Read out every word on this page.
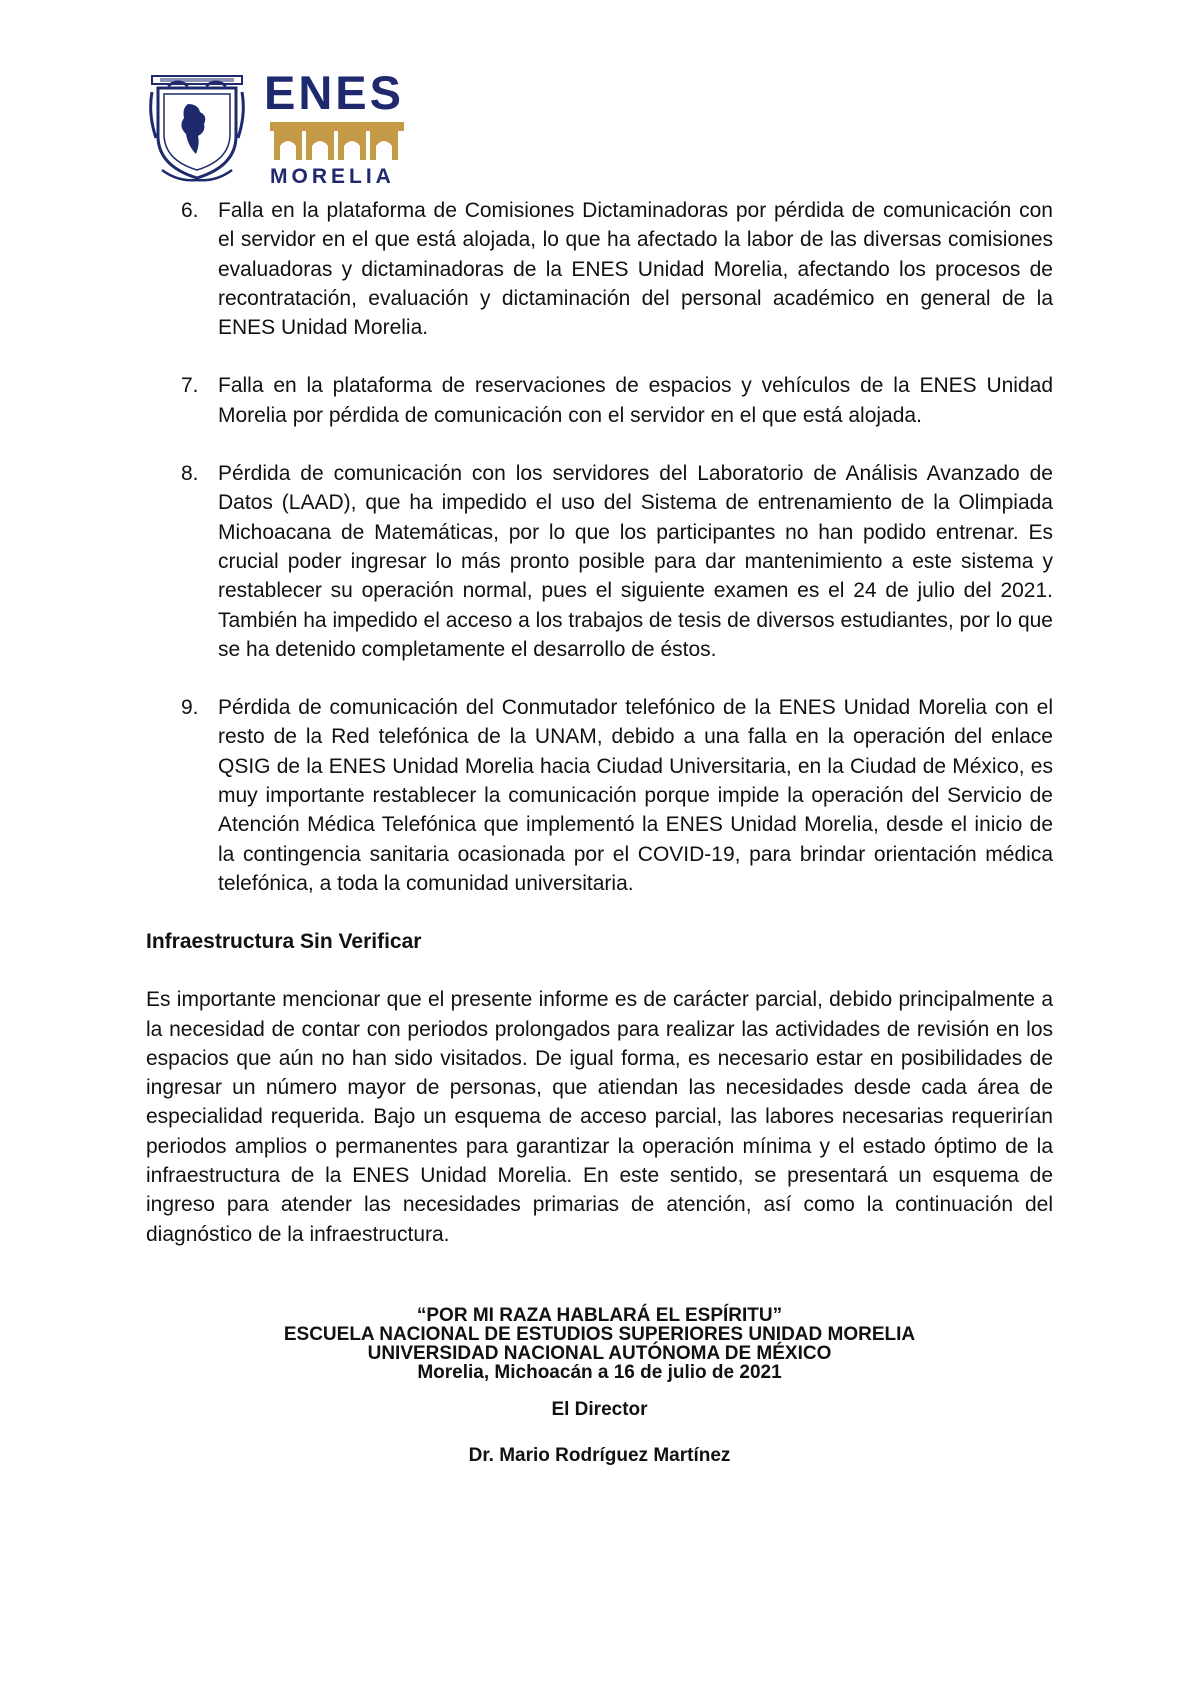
ENES
MORELIA
6. Falla en la plataforma de Comisiones Dictaminadoras por pérdida de comunicación con el servidor en el que está alojada, lo que ha afectado la labor de las diversas comisiones evaluadoras y dictaminadoras de la ENES Unidad Morelia, afectando los procesos de recontratación, evaluación y dictaminación del personal académico en general de la ENES Unidad Morelia.
7. Falla en la plataforma de reservaciones de espacios y vehículos de la ENES Unidad Morelia por pérdida de comunicación con el servidor en el que está alojada.
8. Pérdida de comunicación con los servidores del Laboratorio de Análisis Avanzado de Datos (LAAD), que ha impedido el uso del Sistema de entrenamiento de la Olimpiada Michoacana de Matemáticas, por lo que los participantes no han podido entrenar. Es crucial poder ingresar lo más pronto posible para dar mantenimiento a este sistema y restablecer su operación normal, pues el siguiente examen es el 24 de julio del 2021. También ha impedido el acceso a los trabajos de tesis de diversos estudiantes, por lo que se ha detenido completamente el desarrollo de éstos.
9. Pérdida de comunicación del Conmutador telefónico de la ENES Unidad Morelia con el resto de la Red telefónica de la UNAM, debido a una falla en la operación del enlace QSIG de la ENES Unidad Morelia hacia Ciudad Universitaria, en la Ciudad de México, es muy importante restablecer la comunicación porque impide la operación del Servicio de Atención Médica Telefónica que implementó la ENES Unidad Morelia, desde el inicio de la contingencia sanitaria ocasionada por el COVID-19, para brindar orientación médica telefónica, a toda la comunidad universitaria.
Infraestructura Sin Verificar

Es importante mencionar que el presente informe es de carácter parcial, debido principalmente a la necesidad de contar con periodos prolongados para realizar las actividades de revisión en los espacios que aún no han sido visitados. De igual forma, es necesario estar en posibilidades de ingresar un número mayor de personas, que atiendan las necesidades desde cada área de especialidad requerida. Bajo un esquema de acceso parcial, las labores necesarias requerirían periodos amplios o permanentes para garantizar la operación mínima y el estado óptimo de la infraestructura de la ENES Unidad Morelia. En este sentido, se presentará un esquema de ingreso para atender las necesidades primarias de atención, así como la continuación del diagnóstico de la infraestructura.

“POR MI RAZA HABLARÁ EL ESPÍRITU”
ESCUELA NACIONAL DE ESTUDIOS SUPERIORES UNIDAD MORELIA
UNIVERSIDAD NACIONAL AUTÓNOMA DE MÉXICO
Morelia, Michoacán a 16 de julio de 2021
El Director
Dr. Mario Rodríguez Martínez
